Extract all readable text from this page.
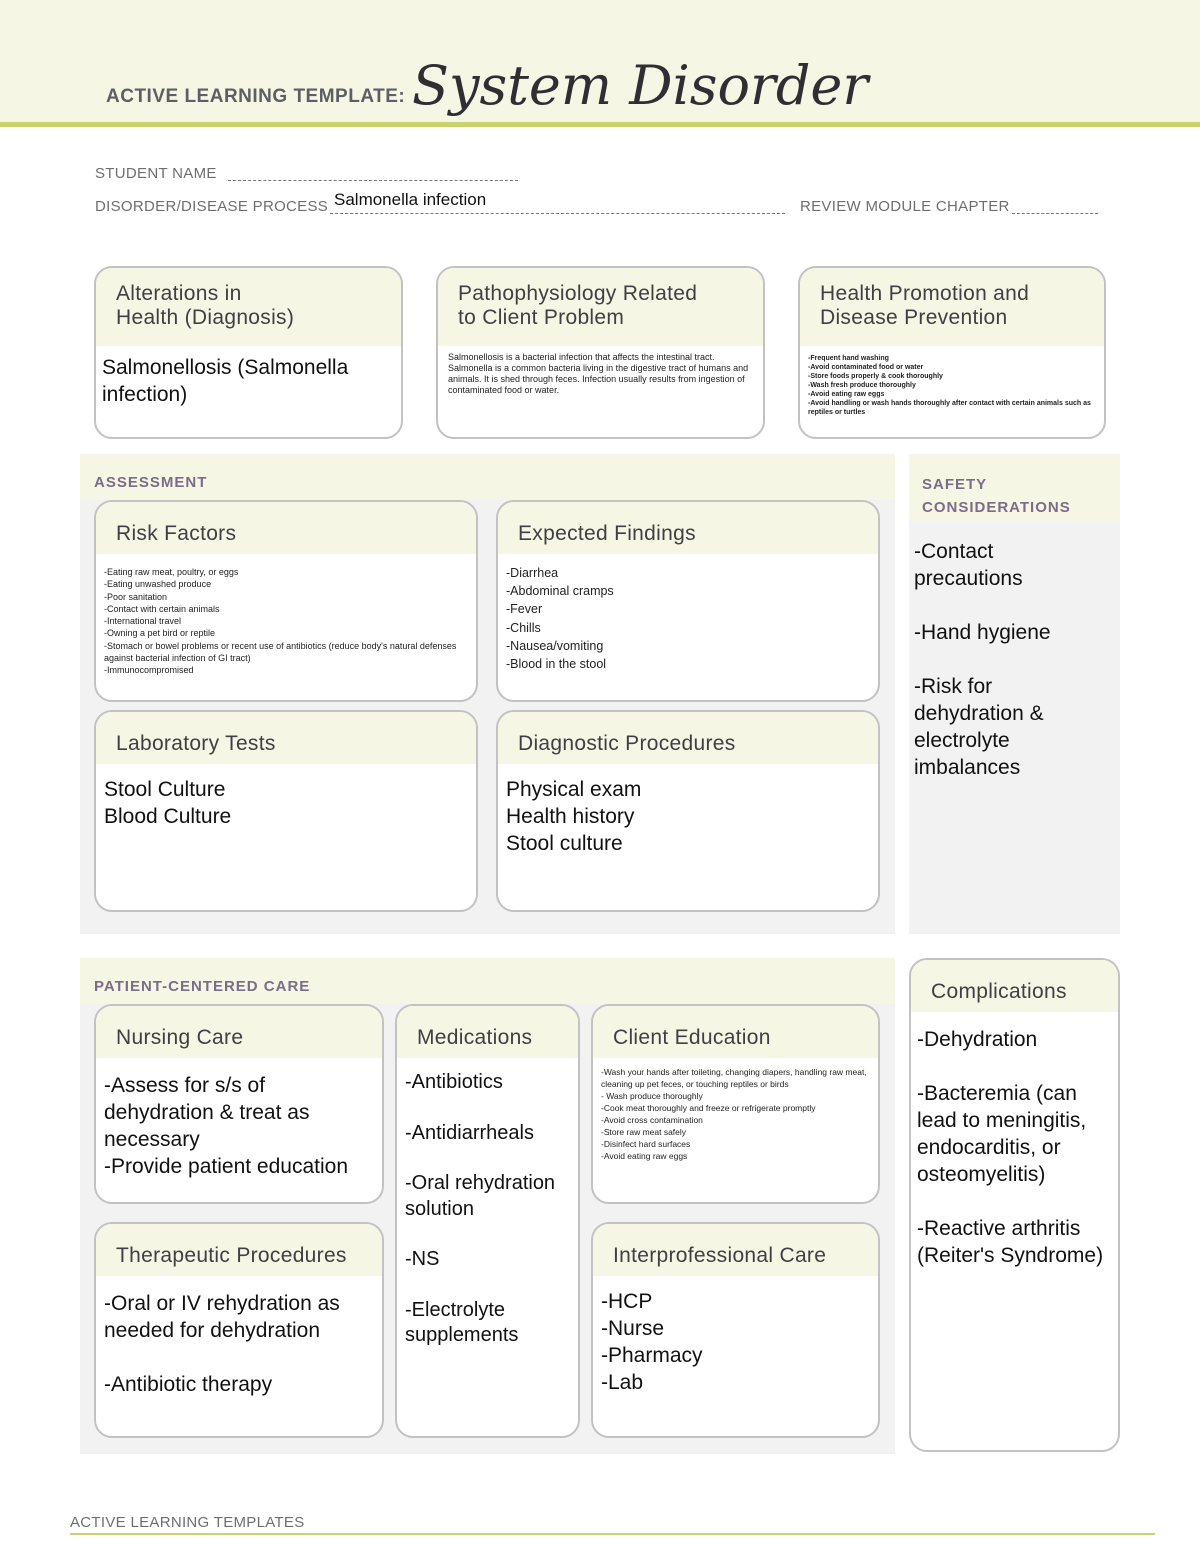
ACTIVE LEARNING TEMPLATE: System Disorder
STUDENT NAME
DISORDER/DISEASE PROCESS Salmonella infection	REVIEW MODULE CHAPTER
Alterations in
Health (Diagnosis)
Salmonellosis (Salmonella
infection)
Pathophysiology Related
to Client Problem
Salmonellosis is a bacterial infection that affects the intestinal tract. Salmonella is a common bacteria living in the digestive tract of humans and animals. It is shed through feces. Infection usually results from ingestion of contaminated food or water.
Health Promotion and
Disease Prevention
-Frequent hand washing
-Avoid contaminated food or water
-Store foods properly & cook thoroughly
-Wash fresh produce thoroughly
-Avoid eating raw eggs
-Avoid handling or wash hands thoroughly after contact with certain animals such as reptiles or turtles
ASSESSMENT
Risk Factors
-Eating raw meat, poultry, or eggs
-Eating unwashed produce
-Poor sanitation
-Contact with certain animals
-International travel
-Owning a pet bird or reptile
-Stomach or bowel problems or recent use of antibiotics (reduce body's natural defenses against bacterial infection of GI tract)
-Immunocompromised
Expected Findings
-Diarrhea
-Abdominal cramps
-Fever
-Chills
-Nausea/vomiting
-Blood in the stool
Laboratory Tests
Stool Culture
Blood Culture
Diagnostic Procedures
Physical exam
Health history
Stool culture
SAFETY
CONSIDERATIONS
-Contact precautions
-Hand hygiene
-Risk for dehydration & electrolyte imbalances
PATIENT-CENTERED CARE
Nursing Care
-Assess for s/s of dehydration & treat as necessary
-Provide patient education
Medications
-Antibiotics
-Antidiarrheals
-Oral rehydration solution
-NS
-Electrolyte supplements
Client Education
-Wash your hands after toileting, changing diapers, handling raw meat, cleaning up pet feces, or touching reptiles or birds
- Wash produce thoroughly
-Cook meat thoroughly and freeze or refrigerate promptly
-Avoid cross contamination
-Store raw meat safely
-Disinfect hard surfaces
-Avoid eating raw eggs
Therapeutic Procedures
-Oral or IV rehydration as needed for dehydration
-Antibiotic therapy
Interprofessional Care
-HCP
-Nurse
-Pharmacy
-Lab
Complications
-Dehydration
-Bacteremia (can lead to meningitis, endocarditis, or osteomyelitis)
-Reactive arthritis (Reiter's Syndrome)
ACTIVE LEARNING TEMPLATES
